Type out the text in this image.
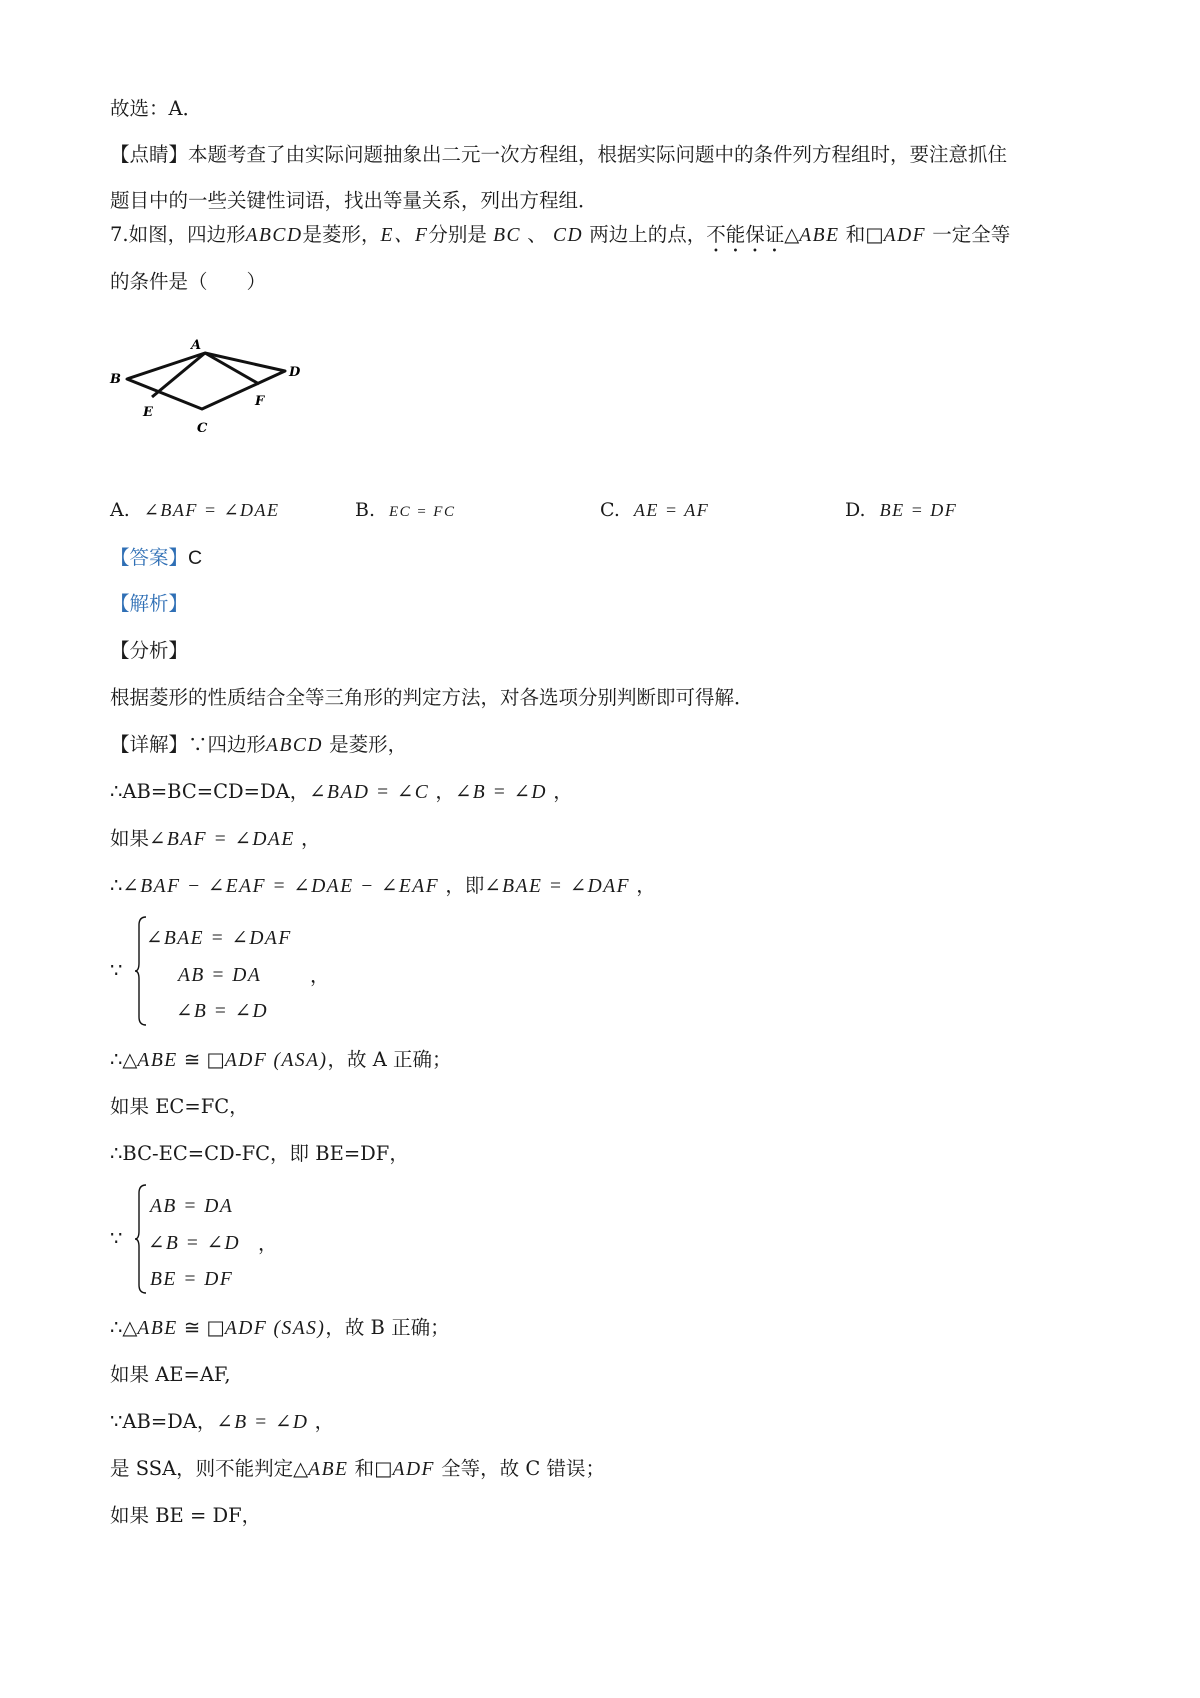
故选：A．
【点睛】本题考查了由实际问题抽象出二元一次方程组，根据实际问题中的条件列方程组时，要注意抓住
题目中的一些关键性词语，找出等量关系，列出方程组．
7.如图，四边形ABCD是菱形，E、F分别是 BC 、 CD 两边上的点，不能保证△ABE 和□ADF 一定全等
的条件是（　　）
A
B	D
E
F
C
A. ∠BAF = ∠DAE	B. EC = FC	C. AE = AF	D. BE = DF
【答案】C
【解析】
【分析】
根据菱形的性质结合全等三角形的判定方法，对各选项分别判断即可得解．
【详解】∵四边形ABCD 是菱形，
∴AB=BC=CD=DA，∠BAD = ∠C ，∠B = ∠D ，
如果∠BAF = ∠DAE ，
∴∠BAF − ∠EAF = ∠DAE − ∠EAF ，即∠BAE = ∠DAF ，
∵
∠BAE = ∠DAF
AB = DA	，
∠B = ∠D
∴△ABE ≅ □ADF (ASA)，故 A 正确；
如果 EC=FC，
∴BC-EC=CD-FC，即 BE=DF，
∵
AB = DA
∠B = ∠D ，
BE = DF
∴△ABE ≅ □ADF (SAS)，故 B 正确；
如果 AE=AF,
∵AB=DA，∠B = ∠D ，
是 SSA，则不能判定△ABE 和□ADF 全等，故 C 错误；
如果 BE = DF，
